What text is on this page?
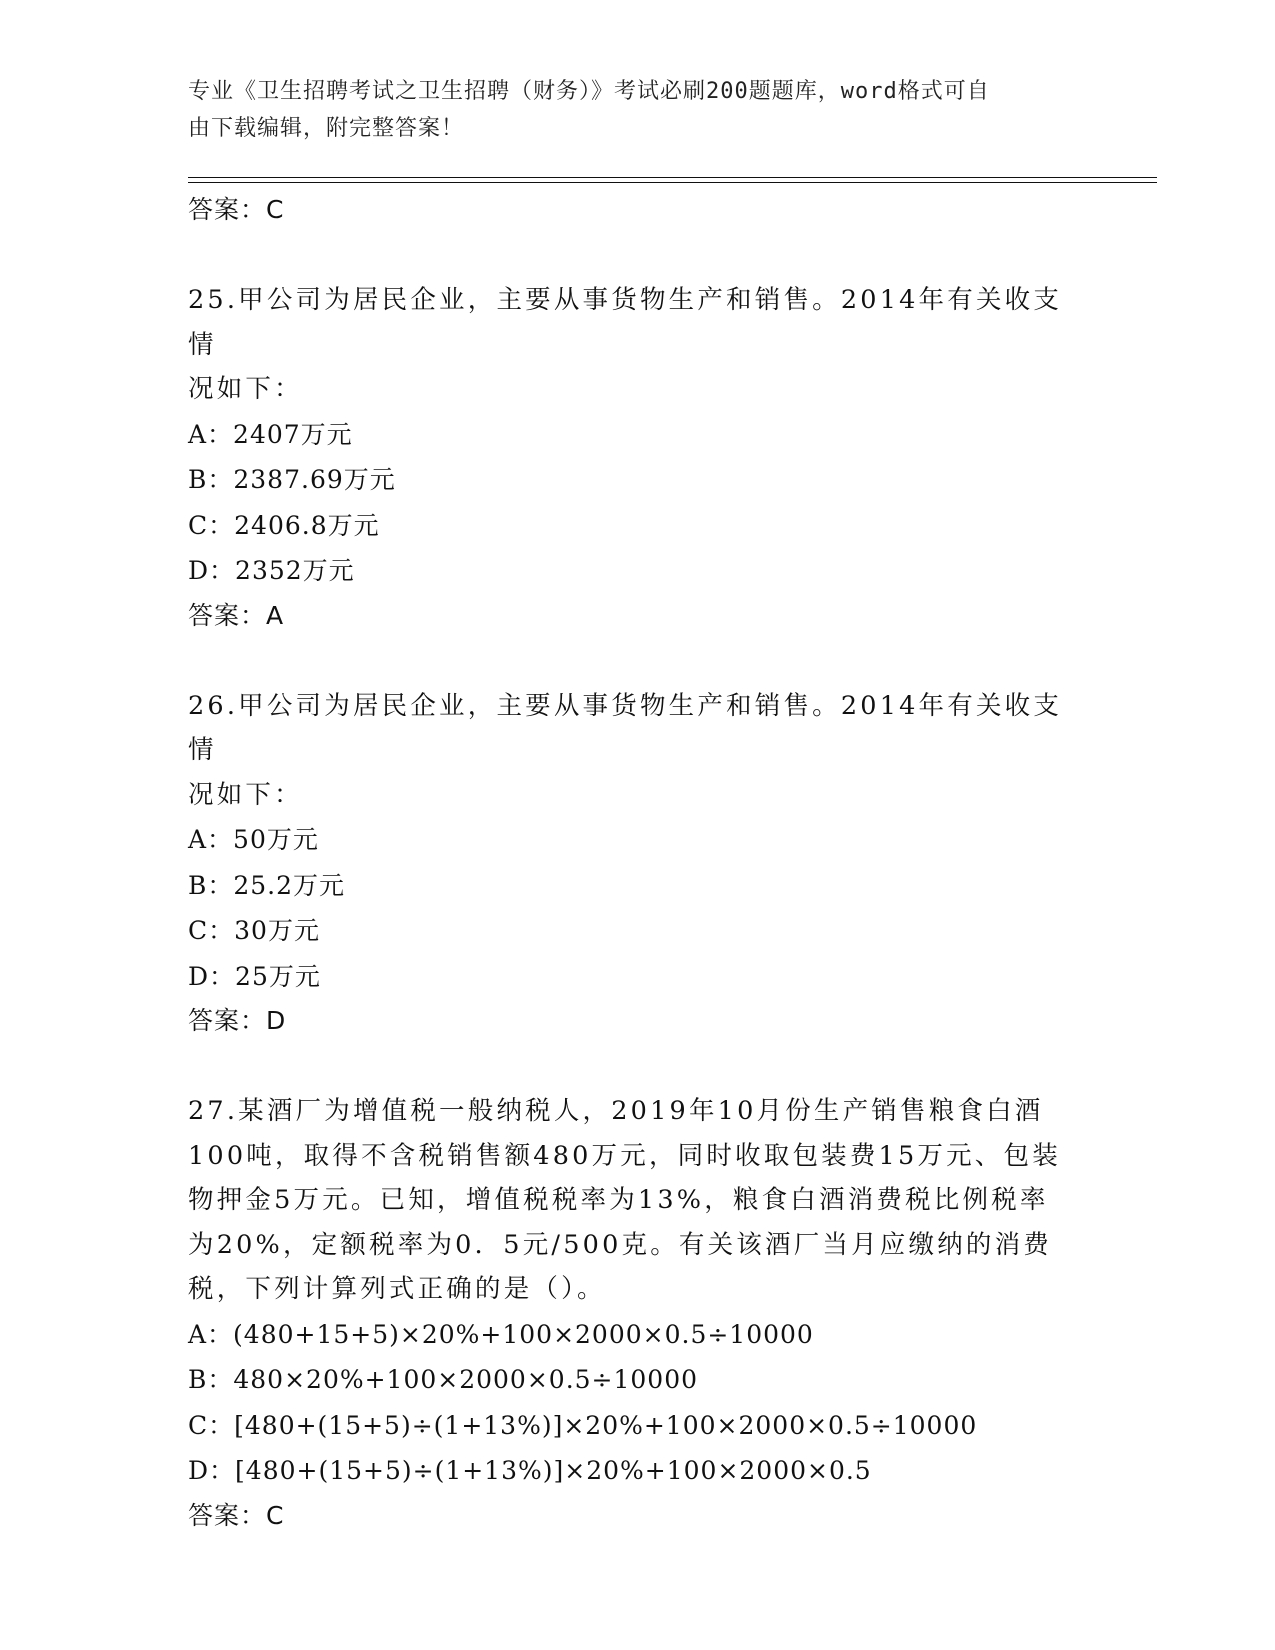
专业《卫生招聘考试之卫生招聘（财务）》考试必刷200题题库，word格式可自
由下载编辑，附完整答案！
答案：C
25.甲公司为居民企业，主要从事货物生产和销售。2014年有关收支情
况如下：
A：2407万元
B：2387.69万元
C：2406.8万元
D：2352万元
答案：A
26.甲公司为居民企业，主要从事货物生产和销售。2014年有关收支情
况如下：
A：50万元
B：25.2万元
C：30万元
D：25万元
答案：D
27.某酒厂为增值税一般纳税人，2019年10月份生产销售粮食白酒
100吨，取得不含税销售额480万元，同时收取包装费15万元、包装
物押金5万元。已知，增值税税率为13%，粮食白酒消费税比例税率
为20%，定额税率为0．5元/500克。有关该酒厂当月应缴纳的消费
税，下列计算列式正确的是（）。
A：(480+15+5)×20%+100×2000×0.5÷10000
B：480×20%+100×2000×0.5÷10000
C：[480+(15+5)÷(1+13%)]×20%+100×2000×0.5÷10000
D：[480+(15+5)÷(1+13%)]×20%+100×2000×0.5
答案：C
